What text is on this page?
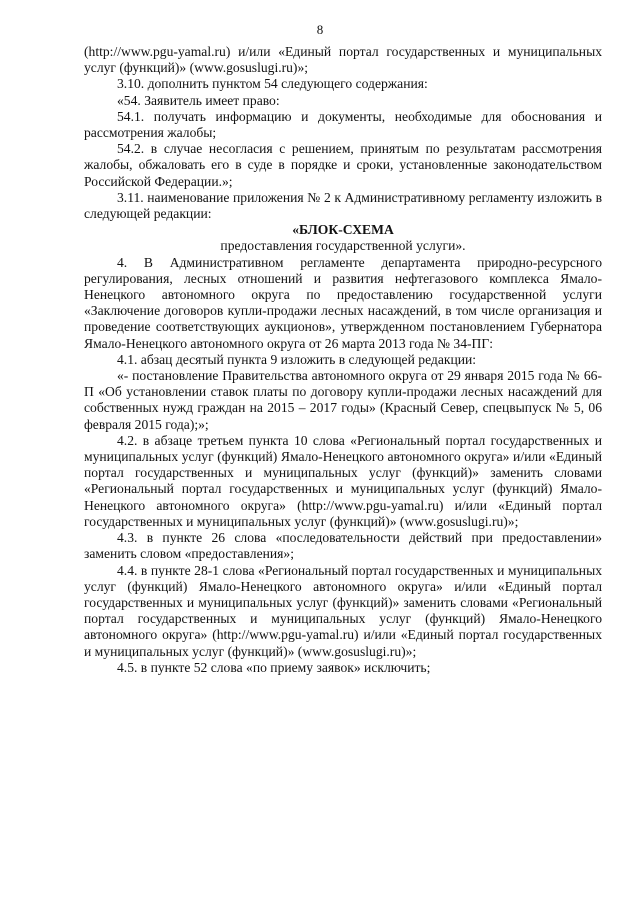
8

(http://www.pgu-yamal.ru) и/или «Единый портал государственных и муниципальных услуг (функций)» (www.gosuslugi.ru)»;

3.10. дополнить пунктом 54 следующего содержания:

«54. Заявитель имеет право:

54.1. получать информацию и документы, необходимые для обоснования и рассмотрения жалобы;

54.2. в случае несогласия с решением, принятым по результатам рассмотрения жалобы, обжаловать его в суде в порядке и сроки, установленные законодательством Российской Федерации.»;

3.11. наименование приложения № 2 к Административному регламенту изложить в следующей редакции:

«БЛОК-СХЕМА

предоставления государственной услуги».

4. В Административном регламенте департамента природно-ресурсного регулирования, лесных отношений и развития нефтегазового комплекса Ямало-Ненецкого автономного округа по предоставлению государственной услуги «Заключение договоров купли-продажи лесных насаждений, в том числе организация и проведение соответствующих аукционов», утвержденном постановлением Губернатора Ямало-Ненецкого автономного округа от 26 марта 2013 года № 34-ПГ:

4.1. абзац десятый пункта 9 изложить в следующей редакции:

«- постановление Правительства автономного округа от 29 января 2015 года № 66-П «Об установлении ставок платы по договору купли-продажи лесных насаждений для собственных нужд граждан на 2015 – 2017 годы» (Красный Север, спецвыпуск № 5, 06 февраля 2015 года);»;

4.2. в абзаце третьем пункта 10 слова «Региональный портал государственных и муниципальных услуг (функций) Ямало-Ненецкого автономного округа» и/или «Единый портал государственных и муниципальных услуг (функций)» заменить словами «Региональный портал государственных и муниципальных услуг (функций) Ямало-Ненецкого автономного округа» (http://www.pgu-yamal.ru) и/или «Единый портал государственных и муниципальных услуг (функций)» (www.gosuslugi.ru)»;

4.3. в пункте 26 слова «последовательности действий при предоставлении» заменить словом «предоставления»;

4.4. в пункте 28-1 слова «Региональный портал государственных и муниципальных услуг (функций) Ямало-Ненецкого автономного округа» и/или «Единый портал государственных и муниципальных услуг (функций)» заменить словами «Региональный портал государственных и муниципальных услуг (функций) Ямало-Ненецкого автономного округа» (http://www.pgu-yamal.ru) и/или «Единый портал государственных и муниципальных услуг (функций)» (www.gosuslugi.ru)»;

4.5. в пункте 52 слова «по приему заявок» исключить;
